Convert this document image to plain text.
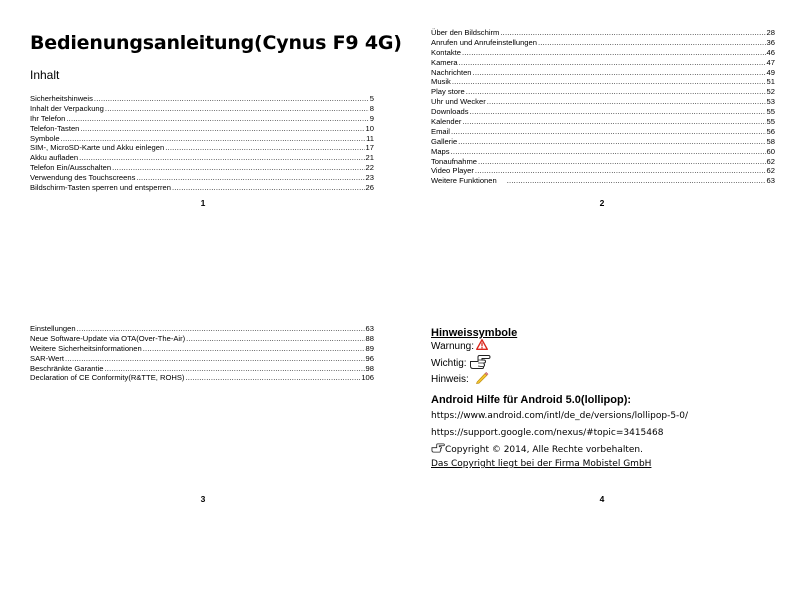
Bedienungsanleitung(Cynus F9 4G)
Inhalt
Sicherheitshinweis .....	5
Inhalt der Verpackung .....	8
Ihr Telefon .....	9
Telefon-Tasten .....	10
Symbole .....	11
SIM-, MicroSD-Karte und Akku einlegen .....	17
Akku aufladen .....	21
Telefon Ein/Ausschalten .....	22
Verwendung des Touchscreens .....	23
Bildschirm-Tasten sperren und entsperren .....	26
1
Über den Bildschirm .....	28
Anrufen und Anrufeinstellungen .....	36
Kontakte .....	46
Kamera .....	47
Nachrichten .....	49
Musik .....	51
Play store .....	52
Uhr und Wecker .....	53
Downloads .....	55
Kalender .....	55
Email .....	56
Gallerie .....	58
Maps .....	60
Tonaufnahme .....	62
Video Player .....	62
Weitere Funktionen .....	63
2
Einstellungen .....	63
Neue Software-Update via OTA(Over-The-Air) .....	88
Weitere Sicherheitsinformationen .....	89
SAR-Wert .....	96
Beschränkte Garantie .....	98
Declaration of CE Conformity(R&TTE, ROHS) .....	106
3
Hinweissymbole
Warnung:
Wichtig:
Hinweis:
Android Hilfe für Android 5.0(lollipop):
https://www.android.com/intl/de_de/versions/lollipop-5-0/
https://support.google.com/nexus/#topic=3415468
Copyright © 2014, Alle Rechte vorbehalten.
Das Copyright liegt bei der Firma Mobistel GmbH
4
